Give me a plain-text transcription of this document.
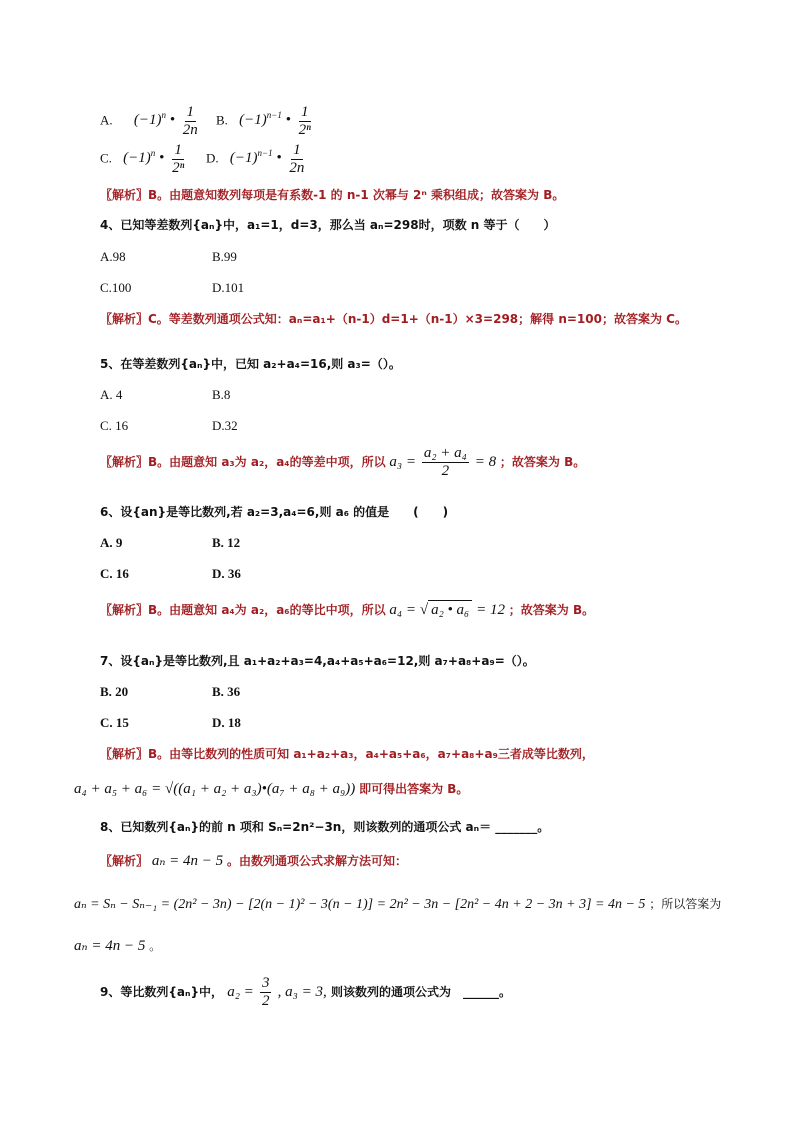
A. $(-1)^n$ • $\frac{1}{2n} B$. $(-1)^{n-1}$ • $\frac{1}{\text{2ⁿ}}$
C. $(-1)^n$ • $\frac{1}{\text{2ⁿ}} D$. $(-1)^{n-1}$ • $\frac{1}{2n}$
〖解析〗B。由题意知数列每项是有系数-1 的 n-1 次幂与 2ⁿ 乘积组成；故答案为 B。
4、已知等差数列{aₙ}中，a₁=1，d=3，那么当 aₙ=298时，项数 n 等于（　　）
A.98	B.99
C.100	D.101
〖解析〗C。等差数列通项公式知：aₙ=a₁+（n-1）d=1+（n-1）×3=298；解得 n=100；故答案为 C。
5、在等差数列{aₙ}中，已知 a₂+a₄=16,则 a₃=（）。
A. 4	B.8
C. 16	D.32
〖解析〗B。由题意知 a₃为 a₂，a₄的等差中项，所以 $a_3 = \frac{\text{a₂ + a₄}}{2} = 8$ ；故答案为 B。
6、设{an}是等比数列,若 a₂=3,a₄=6,则 a₆ 的值是　　(　　)
A. 9	B. 12
C. 16	D. 36
〖解析〗B。由题意知 a₄为 a₂，a₆的等比中项，所以 a₄ = √ a₂ • a₆ = 12 ；故答案为 B。
7、设{aₙ}是等比数列,且 a₁+a₂+a₃=4,a₄+a₅+a₆=12,则 a₇+a₈+a₉=（）。
B. 20	B. 36
C. 15	D. 18
〖解析〗B。由等比数列的性质可知 a₁+a₂+a₃，a₄+a₅+a₆，a₇+a₈+a₉三者成等比数列，
a₄ + a₅ + a₆ = √((a₁ + a₂ + a₃)•(a₇ + a₈ + a₉)) 即可得出答案为 B。
8、已知数列{aₙ}的前 n 项和 Sₙ=2n²−3n，则该数列的通项公式 aₙ＝ _______。
〖解析〗 aₙ = 4n − 5 。由数列通项公式求解方法可知：
aₙ = Sₙ − Sₙ₋₁ = (2n² − 3n) − [2(n − 1)² − 3(n − 1)] = 2n² − 3n − [2n² − 4n + 2 − 3n + 3] = 4n − 5 ；所以答案为
aₙ = 4n − 5 。
9、等比数列{aₙ}中， $a_2 = \frac{3}{2}$ , a₃ = 3, 则该数列的通项公式为　______。
